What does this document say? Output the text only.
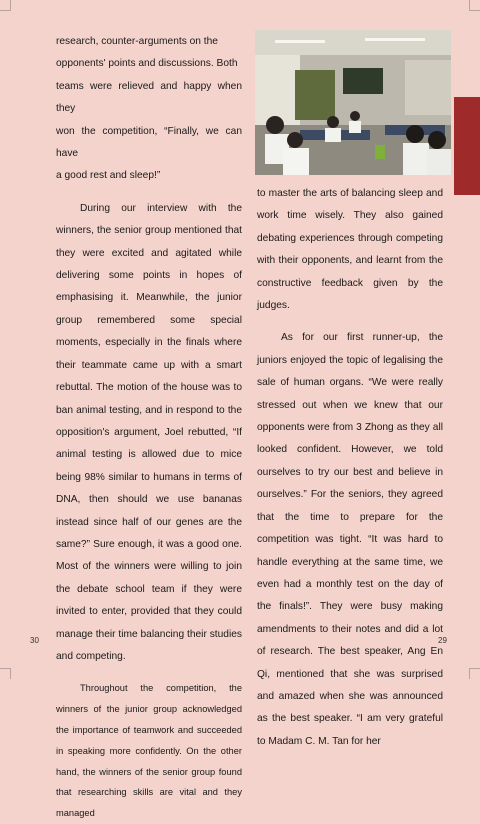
research, counter-arguments on the

opponents' points and discussions. Both

teams were relieved and happy when they

won the competition, “Finally, we can have

a good rest and sleep!”

During our interview with the winners, the senior group mentioned that they were excited and agitated while delivering some points in hopes of emphasising it. Meanwhile, the junior group remembered some special moments, especially in the finals where their teammate came up with a smart rebuttal. The motion of the house was to ban animal testing, and in respond to the opposition's argument, Joel rebutted, “If animal testing is allowed due to mice being 98% similar to humans in terms of DNA, then should we use bananas instead since half of our genes are the same?” Sure enough, it was a good one. Most of the winners were willing to join the debate school team if they were invited to enter, provided that they could manage their time balancing their studies and competing.

Throughout the competition, the winners of the junior group acknowledged the importance of teamwork and succeeded in speaking more confidently. On the other hand, the winners of the senior group found that researching skills are vital and they managed

to master the arts of balancing sleep and work time wisely. They also gained debating experiences through competing with their opponents, and learnt from the constructive feedback given by the judges.

As for our first runner-up, the juniors enjoyed the topic of legalising the sale of human organs. “We were really stressed out when we knew that our opponents were from 3 Zhong as they all looked confident. However, we told ourselves to try our best and believe in ourselves.” For the seniors, they agreed that the time to prepare for the competition was tight. “It was hard to handle everything at the same time, we even had a monthly test on the day of the finals!”. They were busy making amendments to their notes and did a lot of research. The best speaker, Ang En Qi, mentioned that she was surprised and amazed when she was announced as the best speaker. “I am very grateful to Madam C. M. Tan for her

30	29
